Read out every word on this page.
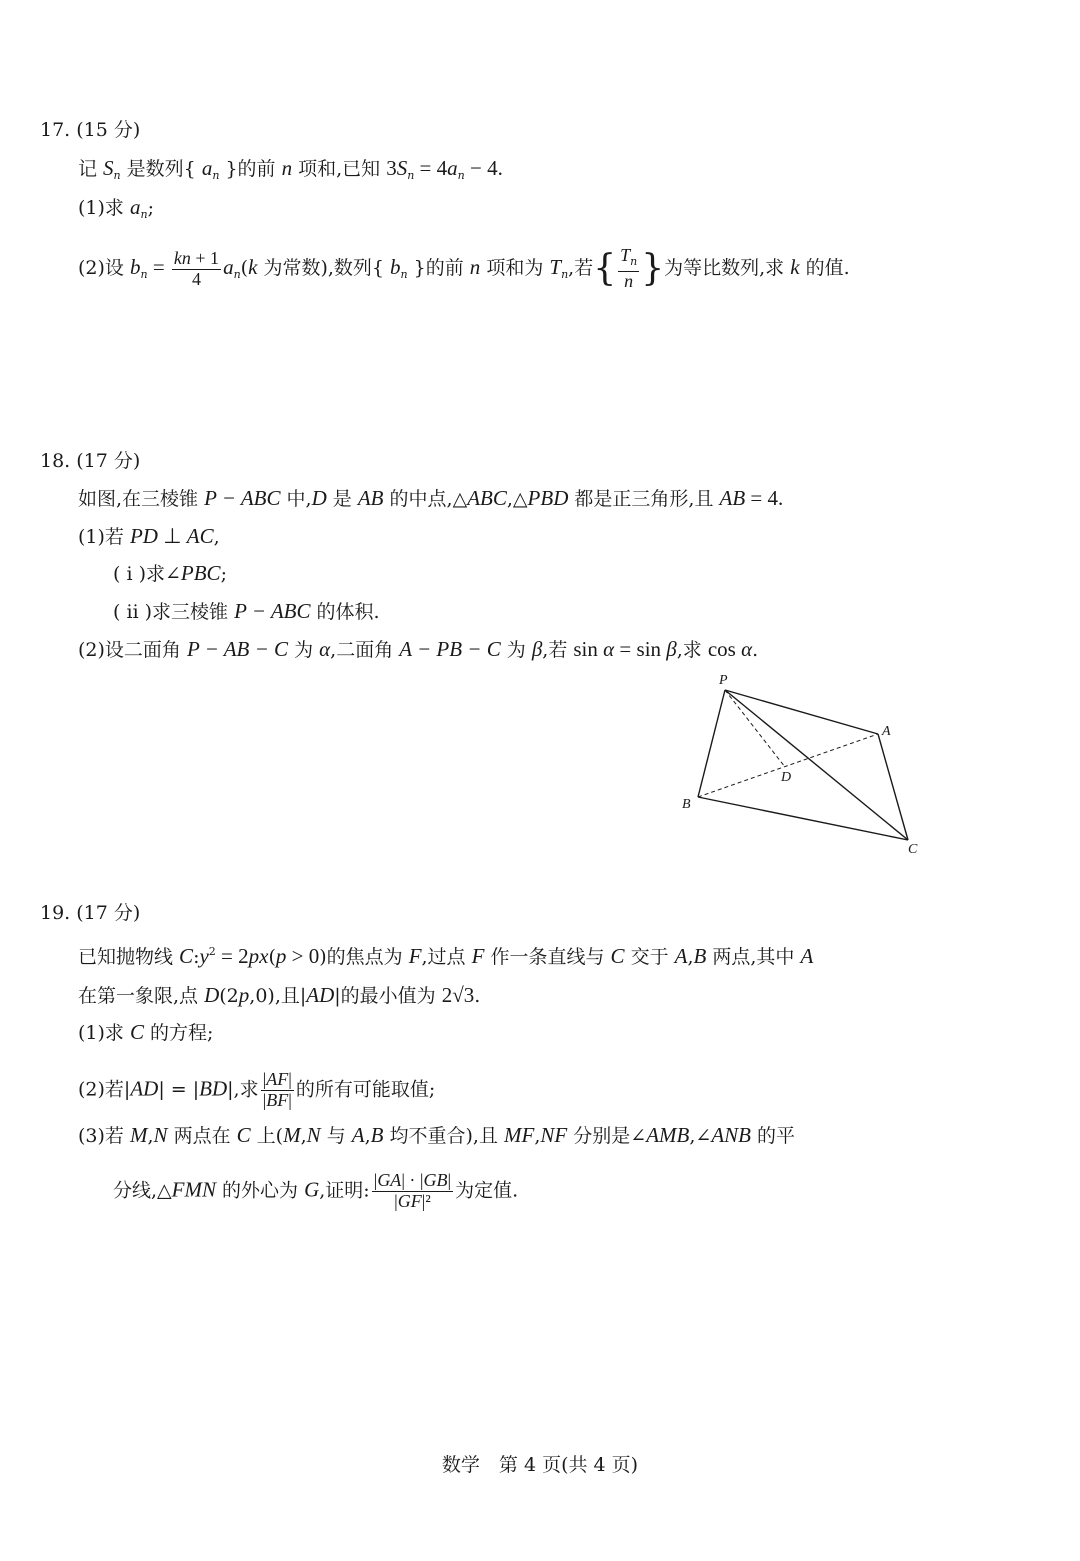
17. (15 分)
记 $S_n$ 是数列{ $a_n$ }的前 n 项和,已知 $3S_n = 4a_n - 4$.
(1)求 $a_n$;
(2)设 $b_n = \frac{kn + 1}{4} a_n(k$ 为常数),数列{ $b_n$ }的前 n 项和为 $T_n$,若{ $\frac{T_n}{n}$ }为等比数列,求 k 的值.
18. (17 分)
如图,在三棱锥 P − ABC 中,D 是 AB 的中点,△ABC,△PBD 都是正三角形,且 AB = 4.
(1)若 PD ⊥ AC,
( ⅰ )求∠PBC;
( ⅱ )求三棱锥 P − ABC 的体积.
(2)设二面角 P − AB − C 为 α,二面角 A − PB − C 为 β,若 sin α = sin β,求 cos α.
19. (17 分)
已知抛物线 $C:y^2 = 2px(p > 0)$的焦点为 F,过点 F 作一条直线与 C 交于 A,B 两点,其中 A
在第一象限,点 D(2p,0),且|AD|的最小值为 2√3.
(1)求 C 的方程;
(2)若|AD| = |BD|,求 $\frac{|AF|}{|BF|}$ 的所有可能取值;
(3)若 M,N 两点在 C 上(M,N 与 A,B 均不重合),且 MF,NF 分别是∠AMB,∠ANB 的平
分线,△FMN 的外心为 G,证明: $\frac{|GA| \cdot |GB|}{\text{|GF|²}}$ 为定值.
P
A
D
B
C
数学　第 4 页(共 4 页)
